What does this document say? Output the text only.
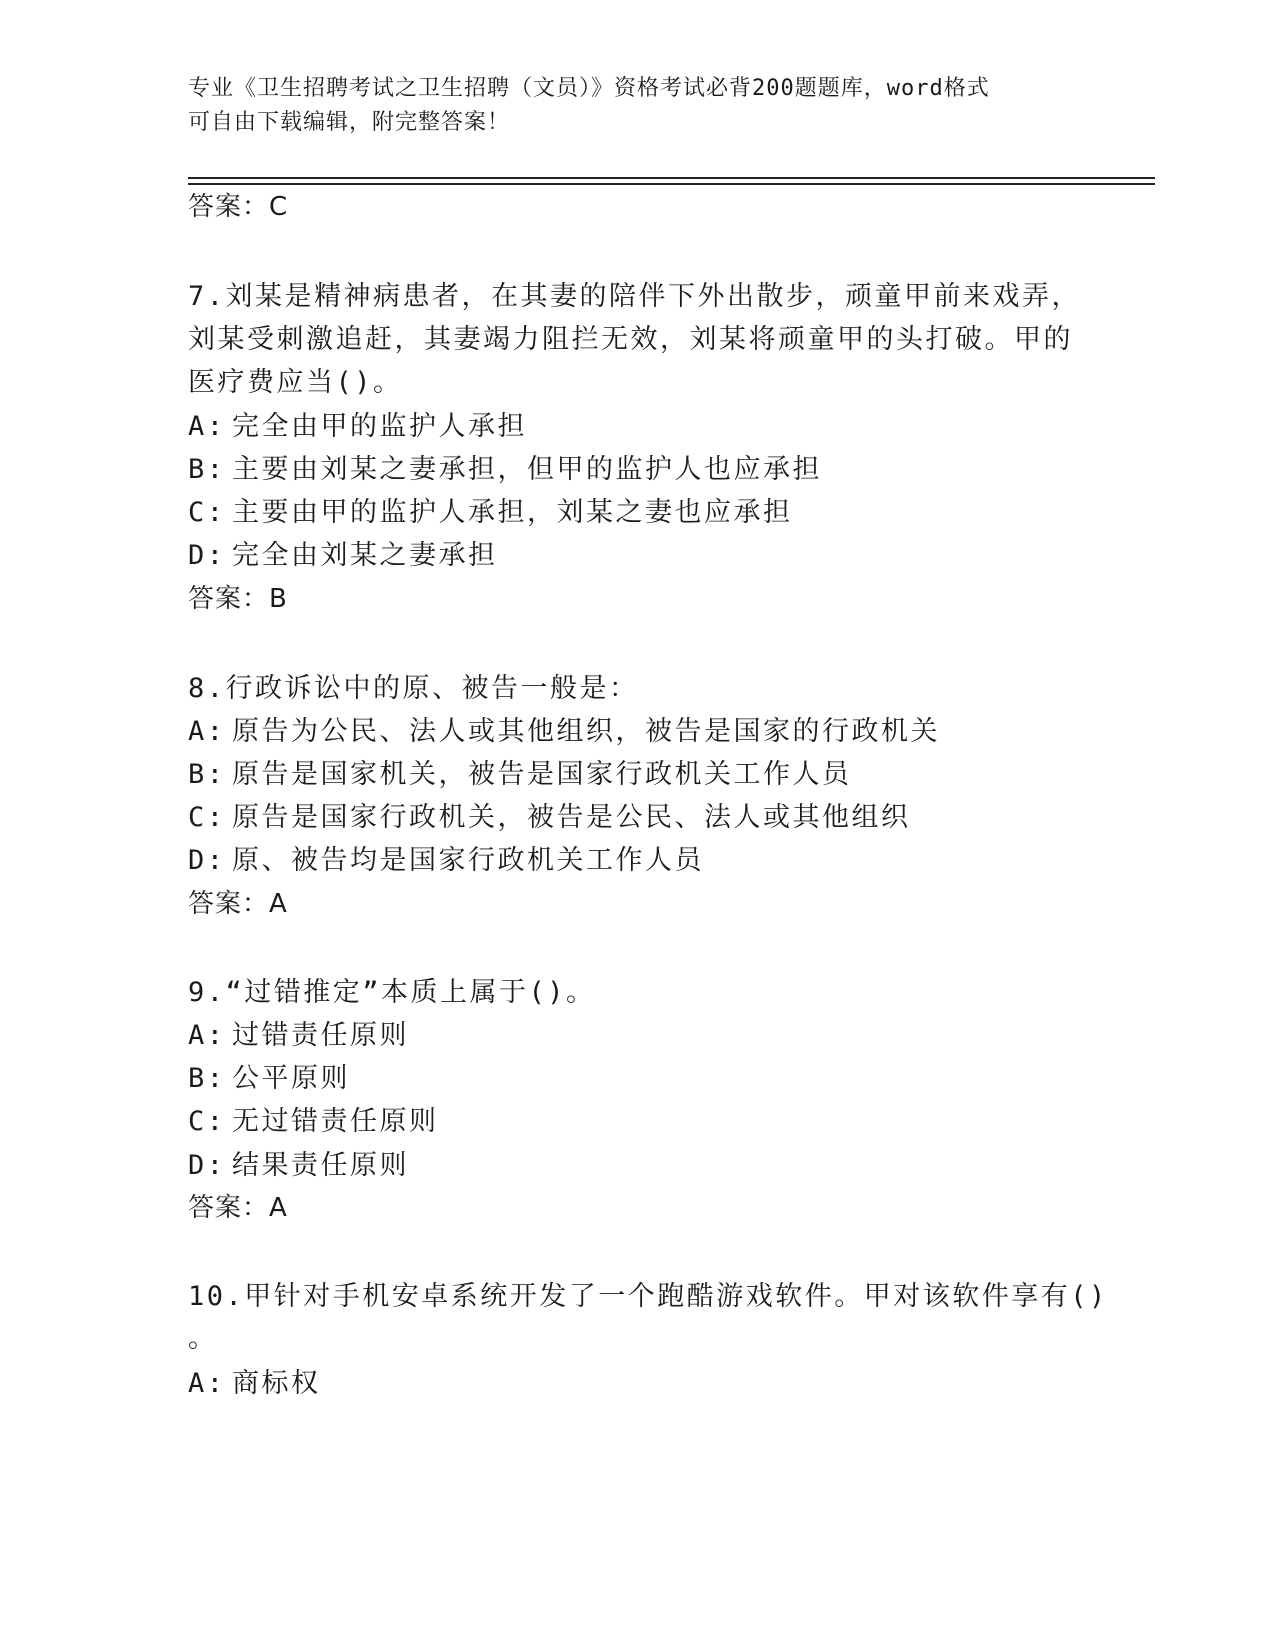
专业《卫生招聘考试之卫生招聘（文员）》资格考试必背200题题库，word格式
可自由下载编辑，附完整答案！
答案：C
7.刘某是精神病患者，在其妻的陪伴下外出散步，顽童甲前来戏弄，
刘某受刺激追赶，其妻竭力阻拦无效，刘某将顽童甲的头打破。甲的
医疗费应当()。
A: 完全由甲的监护人承担
B: 主要由刘某之妻承担，但甲的监护人也应承担
C: 主要由甲的监护人承担，刘某之妻也应承担
D: 完全由刘某之妻承担
答案：B
8.行政诉讼中的原、被告一般是：
A: 原告为公民、法人或其他组织，被告是国家的行政机关
B: 原告是国家机关，被告是国家行政机关工作人员
C: 原告是国家行政机关，被告是公民、法人或其他组织
D: 原、被告均是国家行政机关工作人员
答案：A
9.“过错推定”本质上属于()。
A: 过错责任原则
B: 公平原则
C: 无过错责任原则
D: 结果责任原则
答案：A
10.甲针对手机安卓系统开发了一个跑酷游戏软件。甲对该软件享有()
。
A: 商标权
